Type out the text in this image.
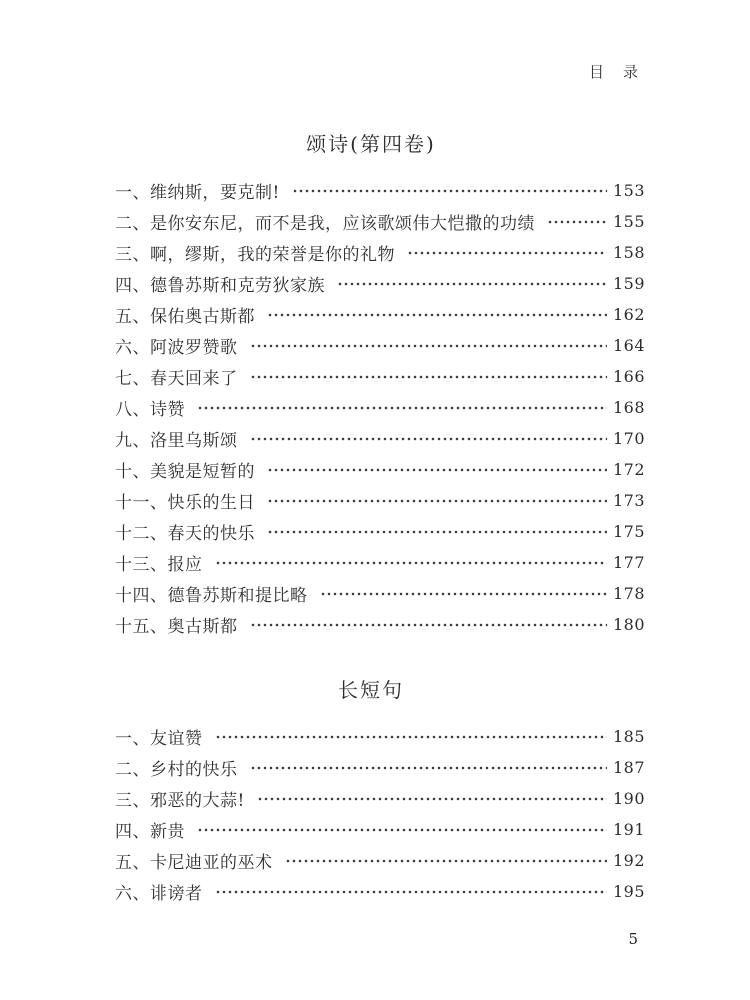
目　录
颂诗(第四卷)
一、维纳斯，要克制!	153
二、是你安东尼，而不是我，应该歌颂伟大恺撒的功绩	155
三、啊，缪斯，我的荣誉是你的礼物	158
四、德鲁苏斯和克劳狄家族	159
五、保佑奥古斯都	162
六、阿波罗赞歌	164
七、春天回来了	166
八、诗赞	168
九、洛里乌斯颂	170
十、美貌是短暂的	172
十一、快乐的生日	173
十二、春天的快乐	175
十三、报应	177
十四、德鲁苏斯和提比略	178
十五、奥古斯都	180
长短句
一、友谊赞	185
二、乡村的快乐	187
三、邪恶的大蒜!	190
四、新贵	191
五、卡尼迪亚的巫术	192
六、诽谤者	195
5
